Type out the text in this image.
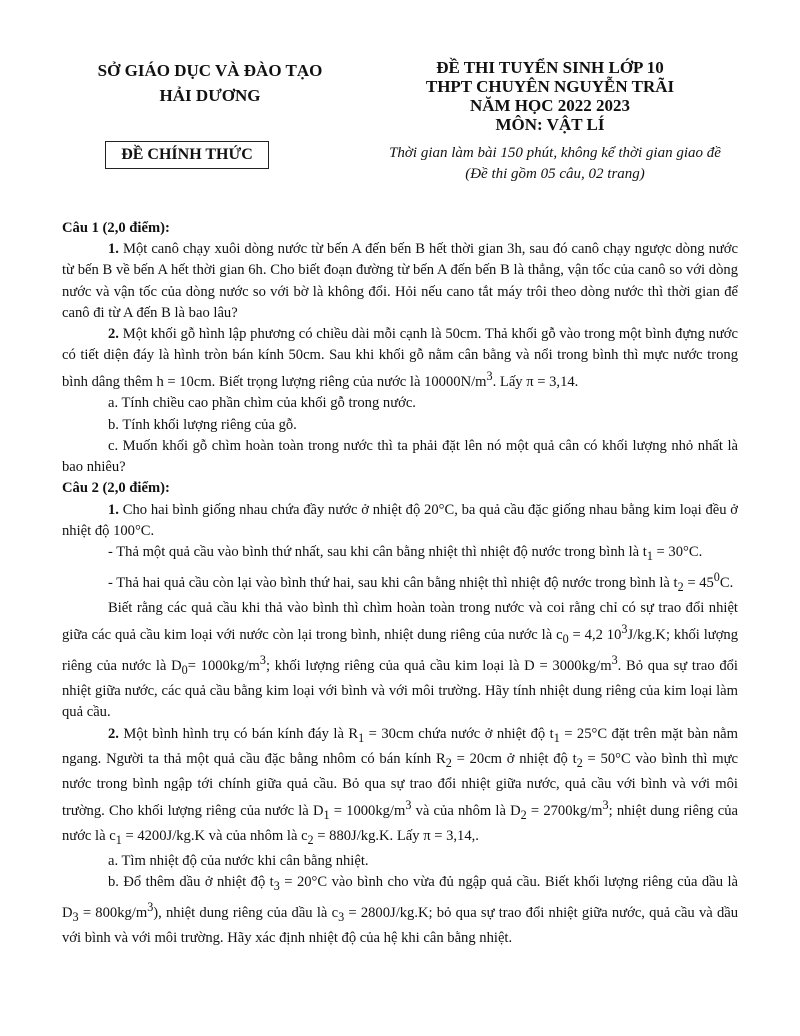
SỞ GIÁO DỤC VÀ ĐÀO TẠO
HẢI DƯƠNG
ĐỀ THI TUYỂN SINH LỚP 10
THPT CHUYÊN NGUYỄN TRÃI
NĂM HỌC 2022 2023
MÔN: VẬT LÍ
ĐỀ CHÍNH THỨC	Thời gian làm bài 150 phút, không kể thời gian giao đề
(Đề thi gồm 05 câu, 02 trang)

Câu 1 (2,0 điểm):

1. Một canô chạy xuôi dòng nước từ bến A đến bến B hết thời gian 3h, sau đó canô chạy ngược dòng nước từ bến B về bến A hết thời gian 6h. Cho biết đoạn đường từ bến A đến bến B là thẳng, vận tốc của canô so với dòng nước và vận tốc của dòng nước so với bờ là không đổi. Hỏi nếu cano tắt máy trôi theo dòng nước thì thời gian để canô đi từ A đến B là bao lâu?

2. Một khối gỗ hình lập phương có chiều dài mỗi cạnh là 50cm. Thả khối gỗ vào trong một bình đựng nước có tiết diện đáy là hình tròn bán kính 50cm. Sau khi khối gỗ nằm cân bằng và nổi trong bình thì mực nước trong bình dâng thêm h = 10cm. Biết trọng lượng riêng của nước là $10000N/m^3$. Lấy π = 3,14.

a. Tính chiều cao phần chìm của khối gỗ trong nước.

b. Tính khối lượng riêng của gỗ.

c. Muốn khối gỗ chìm hoàn toàn trong nước thì ta phải đặt lên nó một quả cân có khối lượng nhỏ nhất là bao nhiêu?

Câu 2 (2,0 điểm):

1. Cho hai bình giống nhau chứa đầy nước ở nhiệt độ 20°C, ba quả cầu đặc giống nhau bằng kim loại đều ở nhiệt độ 100°C.

- Thả một quả cầu vào bình thứ nhất, sau khi cân bằng nhiệt thì nhiệt độ nước trong bình là $t_1 = 30^\circ C$.

- Thả hai quả cầu còn lại vào bình thứ hai, sau khi cân bằng nhiệt thì nhiệt độ nước trong bình là $t_2 = 45^0C$.

Biết rằng các quả cầu khi thả vào bình thì chìm hoàn toàn trong nước và coi rằng chỉ có sự trao đổi nhiệt giữa các quả cầu kim loại với nước còn lại trong bình, nhiệt dung riêng của nước là $c_0 = 4,2$ $10^3J/kg.K$; khối lượng riêng của nước là $D_0= 1000kg/m^3$; khối lượng riêng của quả cầu kim loại là $D = 3000kg/m^3$. Bỏ qua sự trao đổi nhiệt giữa nước, các quả cầu bằng kim loại với bình và với môi trường. Hãy tính nhiệt dung riêng của kim loại làm quả cầu.

2. Một bình hình trụ có bán kính đáy là $R_1 = 30cm$ chứa nước ở nhiệt độ $t_1 = 25^\circ C$ đặt trên mặt bàn nằm ngang. Người ta thả một quả cầu đặc bằng nhôm có bán kính $R_2 = 20cm$ ở nhiệt độ $t_2 = 50^\circ C$ vào bình thì mực nước trong bình ngập tới chính giữa quả cầu. Bỏ qua sự trao đổi nhiệt giữa nước, quả cầu với bình và với môi trường. Cho khối lượng riêng của nước là $D_1 = 1000kg/m^3$ và của nhôm là $D_2 = 2700kg/m^3$; nhiệt dung riêng của nước là $c_1 = 4200J/kg.K$ và của nhôm là $c_2 = 880J/kg.K$. Lấy π = 3,14,.

a. Tìm nhiệt độ của nước khi cân bằng nhiệt.

b. Đổ thêm dầu ở nhiệt độ $t_3 = 20^\circ C$ vào bình cho vừa đủ ngập quả cầu. Biết khối lượng riêng của dầu là $D_3 = 800kg/m^3$), nhiệt dung riêng của dầu là $c_3 = 2800J/kg.K$; bỏ qua sự trao đổi nhiệt giữa nước, quả cầu và dầu với bình và với môi trường. Hãy xác định nhiệt độ của hệ khi cân bằng nhiệt.
